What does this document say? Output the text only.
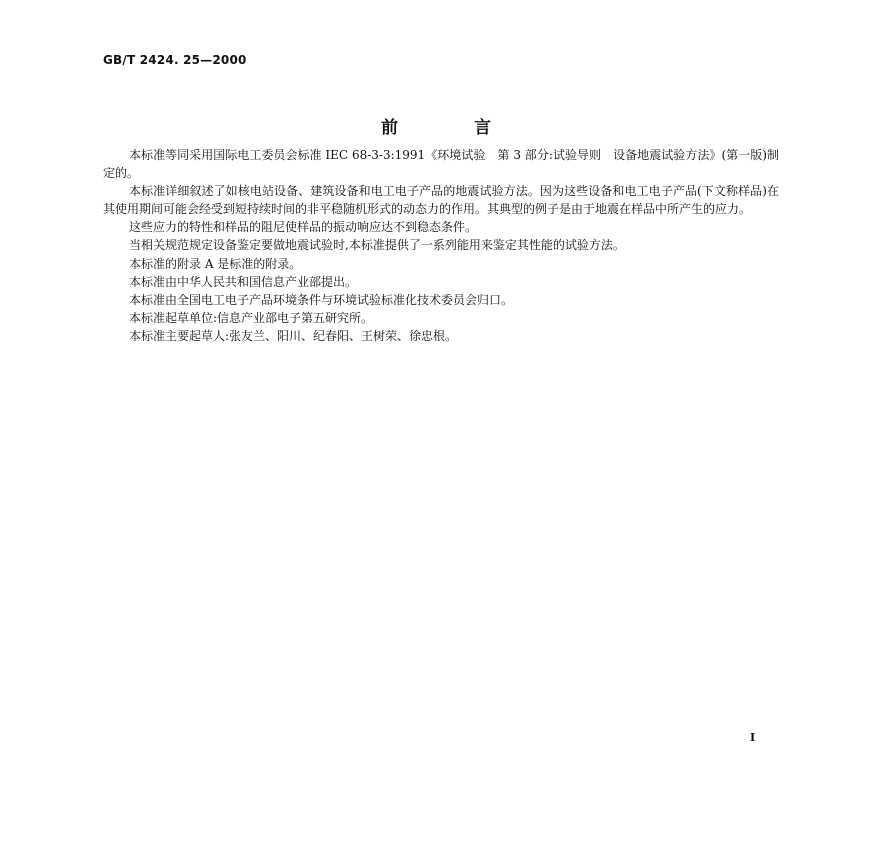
GB/T 2424. 25—2000
前	言

本标准等同采用国际电工委员会标准 IEC 68-3-3:1991《环境试验　第 3 部分:试验导则　设备地震试验方法》(第一版)制定的。

本标准详细叙述了如核电站设备、建筑设备和电工电子产品的地震试验方法。因为这些设备和电工电子产品(下文称样品)在其使用期间可能会经受到短持续时间的非平稳随机形式的动态力的作用。其典型的例子是由于地震在样品中所产生的应力。

这些应力的特性和样品的阻尼使样品的振动响应达不到稳态条件。

当相关规范规定设备鉴定要做地震试验时,本标准提供了一系列能用来鉴定其性能的试验方法。

本标准的附录 A 是标准的附录。

本标准由中华人民共和国信息产业部提出。

本标准由全国电工电子产品环境条件与环境试验标准化技术委员会归口。

本标准起草单位:信息产业部电子第五研究所。

本标准主要起草人:张友兰、阳川、纪春阳、王树荣、徐忠根。

I
